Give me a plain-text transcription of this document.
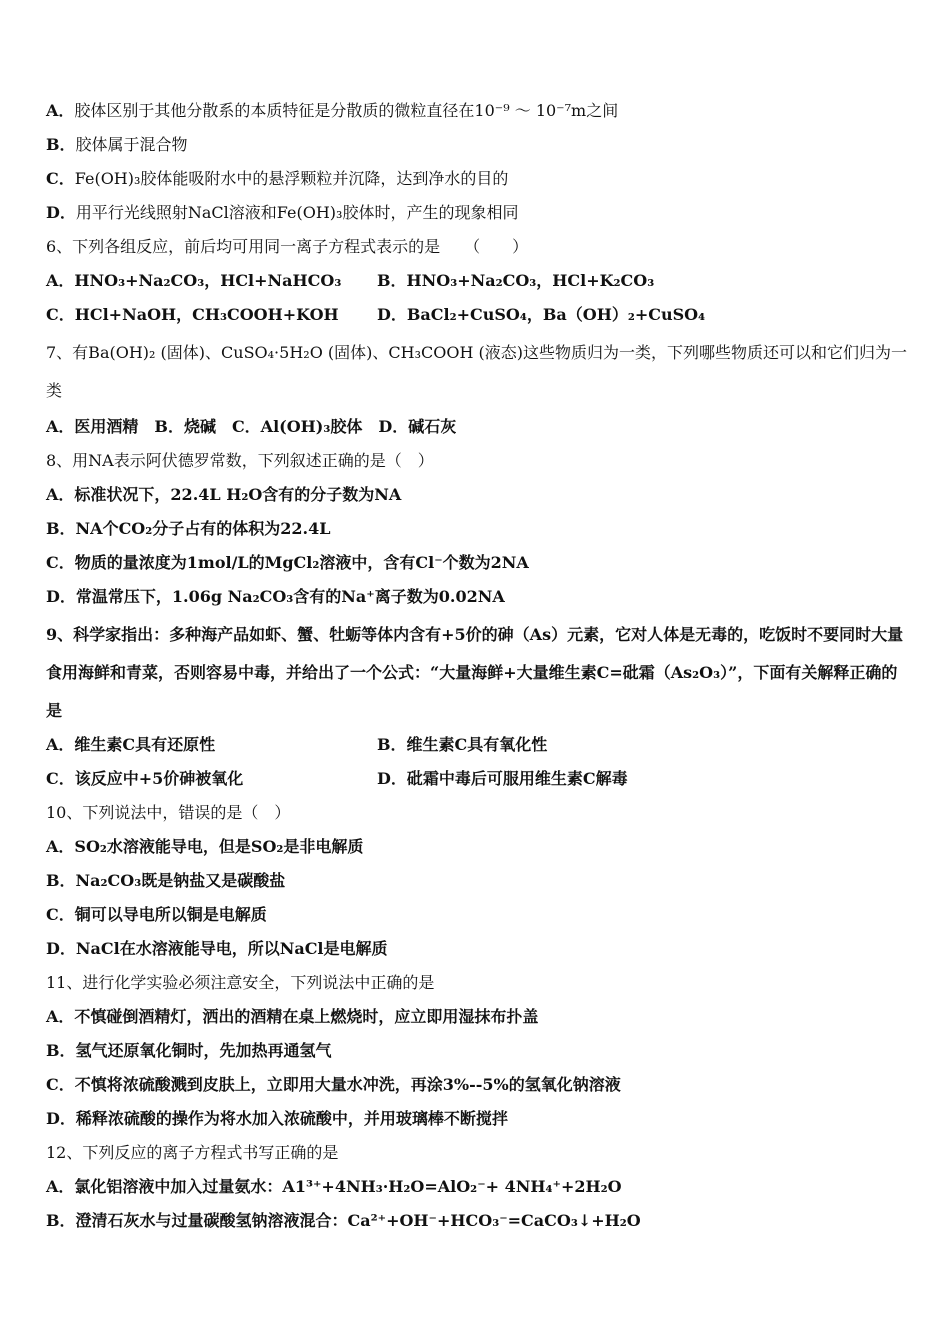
A．胶体区别于其他分散系的本质特征是分散质的微粒直径在10⁻⁹ ～ 10⁻⁷m之间
B．胶体属于混合物
C．Fe(OH)₃胶体能吸附水中的悬浮颗粒并沉降，达到净水的目的
D．用平行光线照射NaCl溶液和Fe(OH)₃胶体时，产生的现象相同
6、下列各组反应，前后均可用同一离子方程式表示的是　　（　　）
A．HNO₃+Na₂CO₃，HCl+NaHCO₃ B．HNO₃+Na₂CO₃，HCl+K₂CO₃
C．HCl+NaOH，CH₃COOH+KOH D．BaCl₂+CuSO₄，Ba（OH）₂+CuSO₄
7、有Ba(OH)₂ (固体)、CuSO₄·5H₂O (固体)、CH₃COOH (液态)这些物质归为一类，下列哪些物质还可以和它们归为一类
A．医用酒精　B．烧碱　C．Al(OH)₃胶体　D．碱石灰
8、用NA表示阿伏德罗常数，下列叙述正确的是（　）
A．标准状况下，22.4L H₂O含有的分子数为NA
B．NA个CO₂分子占有的体积为22.4L
C．物质的量浓度为1mol/L的MgCl₂溶液中，含有Cl⁻个数为2NA
D．常温常压下，1.06g Na₂CO₃含有的Na⁺离子数为0.02NA
9、科学家指出：多种海产品如虾、蟹、牡蛎等体内含有+5价的砷（As）元素，它对人体是无毒的，吃饭时不要同时大量食用海鲜和青菜，否则容易中毒，并给出了一个公式：“大量海鲜+大量维生素C=砒霜（As₂O₃）”，下面有关解释正确的是
A．维生素C具有还原性	B．维生素C具有氧化性
C．该反应中+5价砷被氧化	D．砒霜中毒后可服用维生素C解毒
10、下列说法中，错误的是（　）
A．SO₂水溶液能导电，但是SO₂是非电解质
B．Na₂CO₃既是钠盐又是碳酸盐
C．铜可以导电所以铜是电解质
D．NaCl在水溶液能导电，所以NaCl是电解质
11、进行化学实验必须注意安全，下列说法中正确的是
A．不慎碰倒酒精灯，洒出的酒精在桌上燃烧时，应立即用湿抹布扑盖
B．氢气还原氧化铜时，先加热再通氢气
C．不慎将浓硫酸溅到皮肤上，立即用大量水冲洗，再涂3%--5%的氢氧化钠溶液
D．稀释浓硫酸的操作为将水加入浓硫酸中，并用玻璃棒不断搅拌
12、下列反应的离子方程式书写正确的是
A．氯化铝溶液中加入过量氨水：A1³⁺+4NH₃·H₂O=AlO₂⁻+ 4NH₄⁺+2H₂O
B．澄清石灰水与过量碳酸氢钠溶液混合：Ca²⁺+OH⁻+HCO₃⁻=CaCO₃↓+H₂O
